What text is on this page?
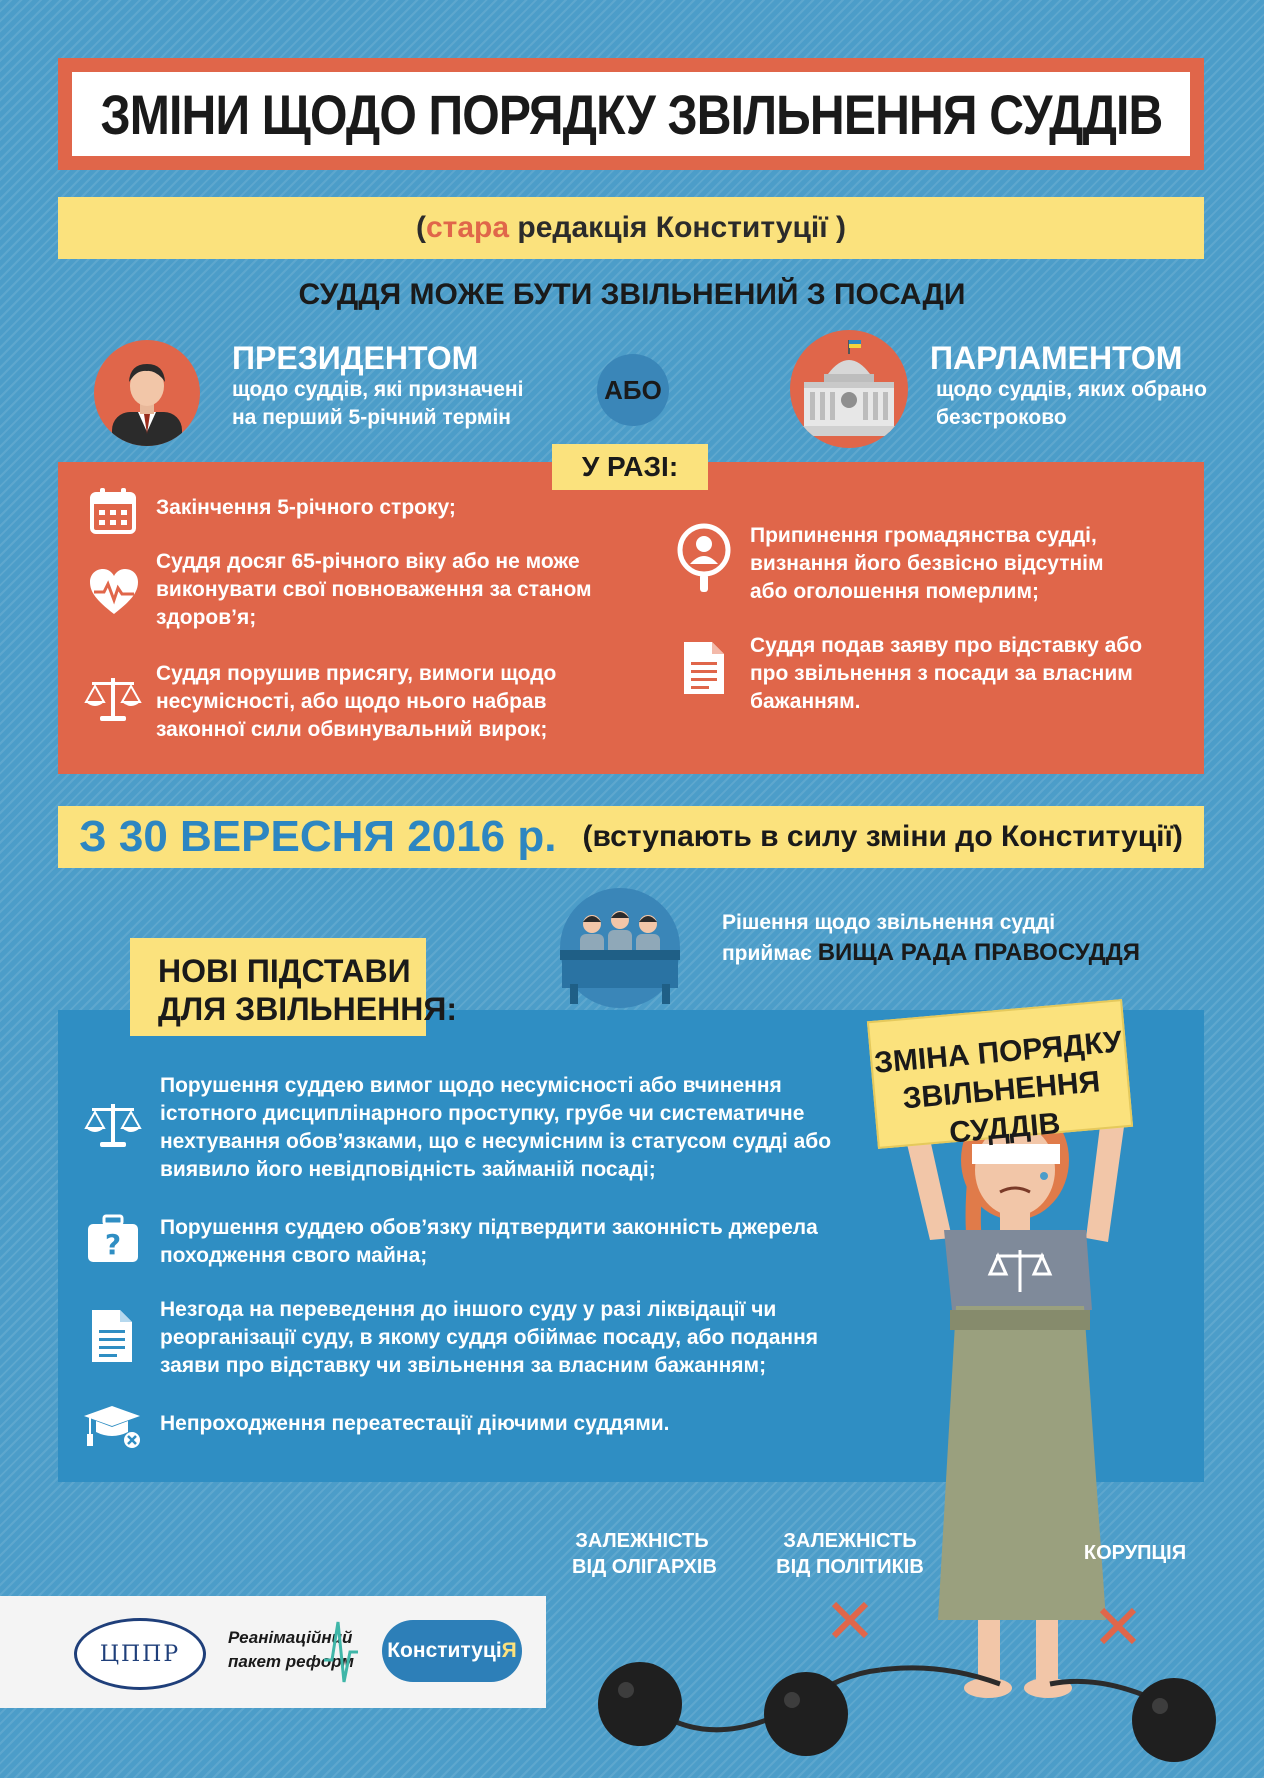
ЗМІНИ ЩОДО ПОРЯДКУ ЗВІЛЬНЕННЯ СУДДІВ
( стара редакція Конституції )
СУДДЯ МОЖЕ БУТИ ЗВІЛЬНЕНИЙ З ПОСАДИ
ПРЕЗИДЕНТОМ
щодо суддів, які призначені
на перший 5-річний термін
АБО
ПАРЛАМЕНТОМ
щодо суддів, яких обрано
безстроково
У РАЗІ:
Закінчення 5-річного строку;
Суддя досяг 65-річного віку або не може
виконувати свої повноваження за станом
здоров’я;
Суддя порушив присягу, вимоги щодо
несумісності, або щодо нього набрав
законної сили обвинувальний вирок;
Припинення громадянства судді,
визнання його безвісно відсутнім
або оголошення померлим;
Суддя подав заяву про відставку або
про звільнення з посади за власним
бажанням.
З 30 ВЕРЕСНЯ 2016 р. (вступають в силу зміни до Конституції)
Рішення щодо звільнення судді
приймає ВИЩА РАДА ПРАВОСУДДЯ
НОВІ ПІДСТАВИ
ДЛЯ ЗВІЛЬНЕННЯ:
Порушення суддею вимог щодо несумісності або вчинення
істотного дисциплінарного проступку, грубе чи систематичне
нехтування обов’язками, що є несумісним із статусом судді або
виявило його невідповідність займаній посаді;
?
Порушення суддею обов’язку підтвердити законність джерела
походження свого майна;
Незгода на переведення до іншого суду у разі ліквідації чи
реорганізації суду, в якому суддя обіймає посаду, або подання
заяви про відставку чи звільнення за власним бажанням;
Непроходження переатестації діючими суддями.
ЗМІНА ПОРЯДКУ
ЗВІЛЬНЕННЯ СУДДІВ
ЗАЛЕЖНІСТЬ
ВІД ОЛІГАРХІВ
ЗАЛЕЖНІСТЬ
ВІД ПОЛІТИКІВ
КОРУПЦІЯ
ЦППР
Реанімаційний
пакет реформ Конституці Я
